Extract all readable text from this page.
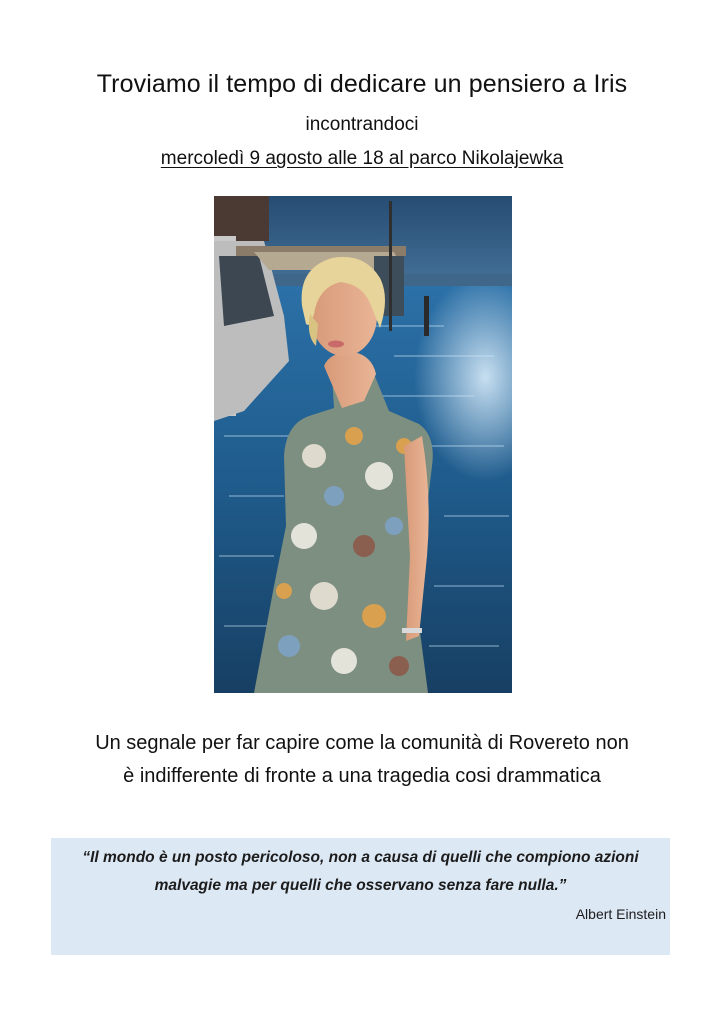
Troviamo il tempo di dedicare un pensiero a Iris
incontrandoci
mercoledì 9 agosto alle 18 al parco Nikolajewka
Un segnale per far capire come la comunità di Rovereto non
è indifferente di fronte a una tragedia cosi drammatica
“Il mondo è un posto pericoloso, non a causa di quelli che compiono azioni
malvagie ma per quelli che osservano senza fare nulla.”
Albert Einstein
